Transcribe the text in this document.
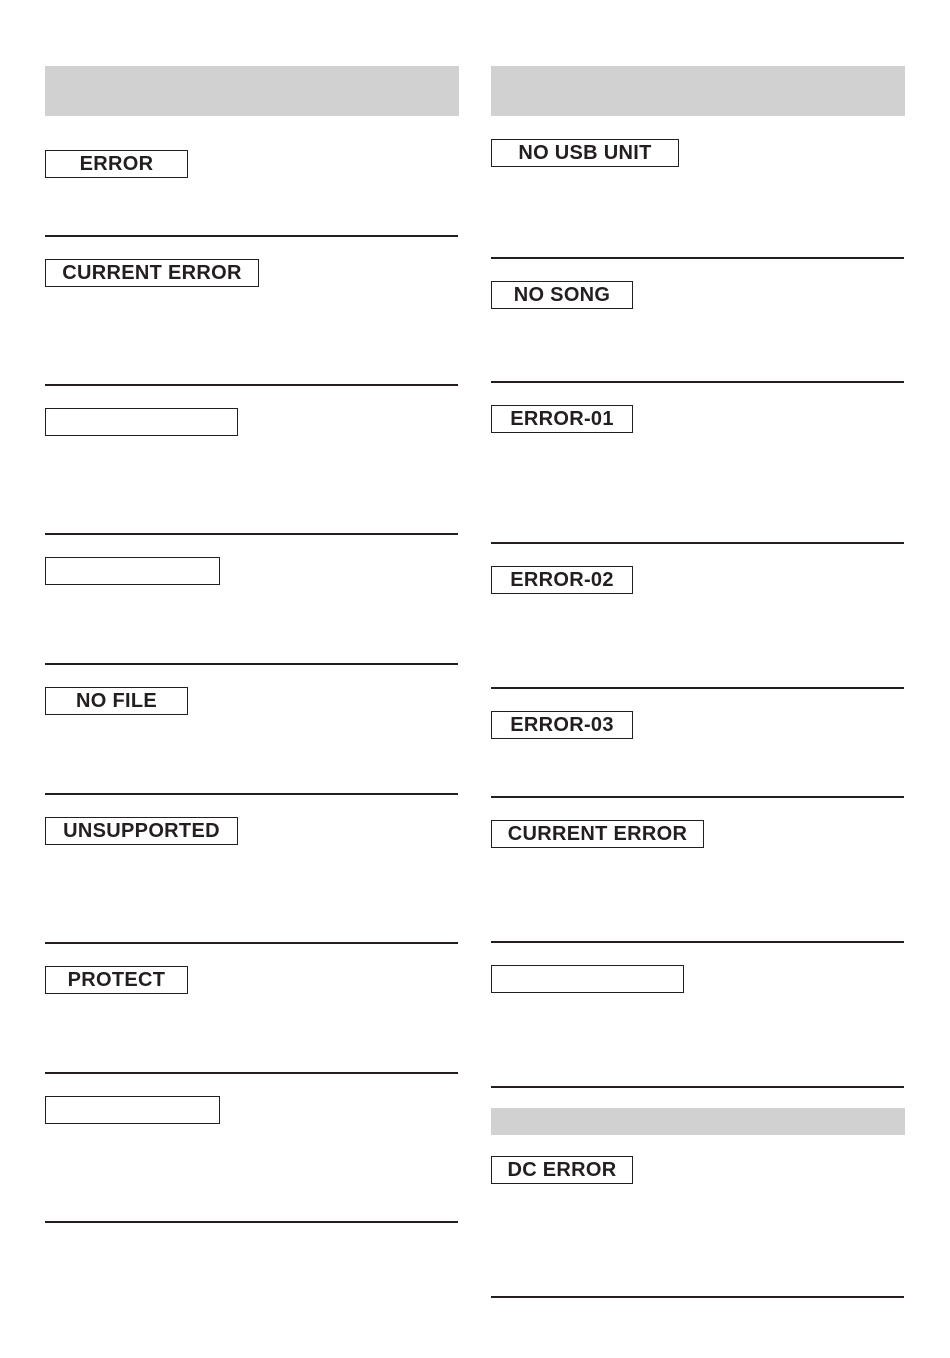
ERROR
CURRENT ERROR
NO FILE
UNSUPPORTED
PROTECT
NO USB UNIT
NO SONG
ERROR-01
ERROR-02
ERROR-03
CURRENT ERROR
DC ERROR
